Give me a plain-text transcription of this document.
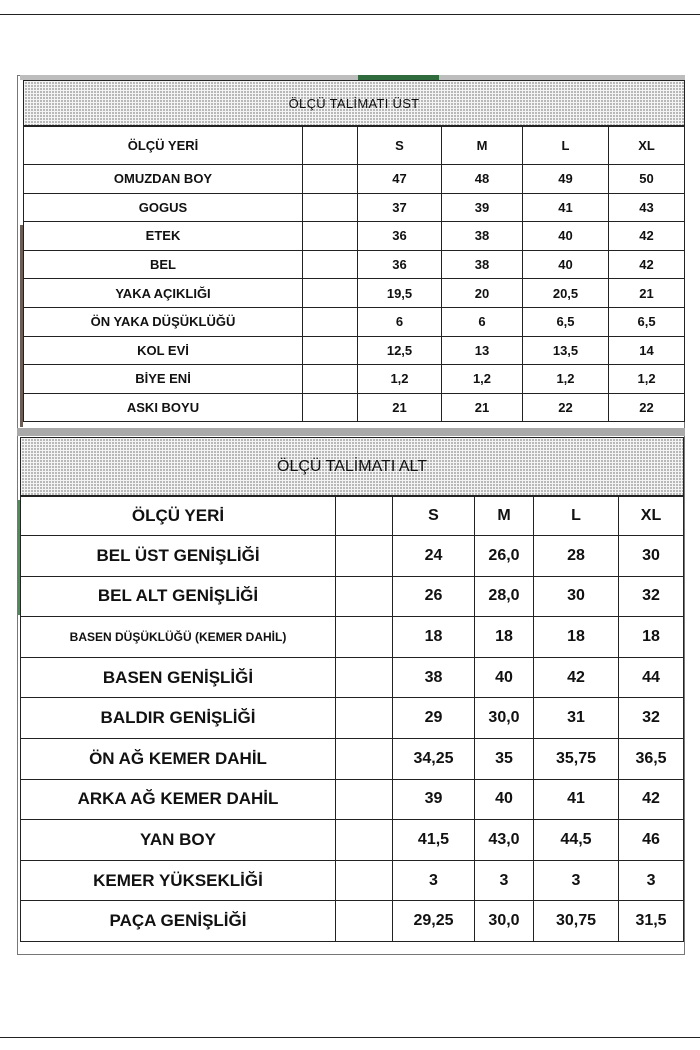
ÖLÇÜ TALİMATI ÜST					
ÖLÇÜ YERİ		S	M	L	XL
OMUZDAN BOY		47	48	49	50
GOGUS		37	39	41	43
ETEK		36	38	40	42
BEL		36	38	40	42
YAKA AÇIKLIĞI		19,5	20	20,5	21
ÖN YAKA DÜŞÜKLÜĞÜ		6	6	6,5	6,5
KOL EVİ		12,5	13	13,5	14
BİYE ENİ		1,2	1,2	1,2	1,2
ASKI BOYU		21	21	22	22
ÖLÇÜ TALİMATI ALT					
ÖLÇÜ YERİ		S	M	L	XL
BEL ÜST GENİŞLİĞİ		24	26,0	28	30
BEL ALT GENİŞLİĞİ		26	28,0	30	32
BASEN DÜŞÜKLÜĞÜ (KEMER DAHİL)		18	18	18	18
BASEN GENİŞLİĞİ		38	40	42	44
BALDIR GENİŞLİĞİ		29	30,0	31	32
ÖN AĞ KEMER DAHİL		34,25	35	35,75	36,5
ARKA AĞ KEMER DAHİL		39	40	41	42
YAN BOY		41,5	43,0	44,5	46
KEMER YÜKSEKLİĞİ		3	3	3	3
PAÇA GENİŞLİĞİ		29,25	30,0	30,75	31,5
